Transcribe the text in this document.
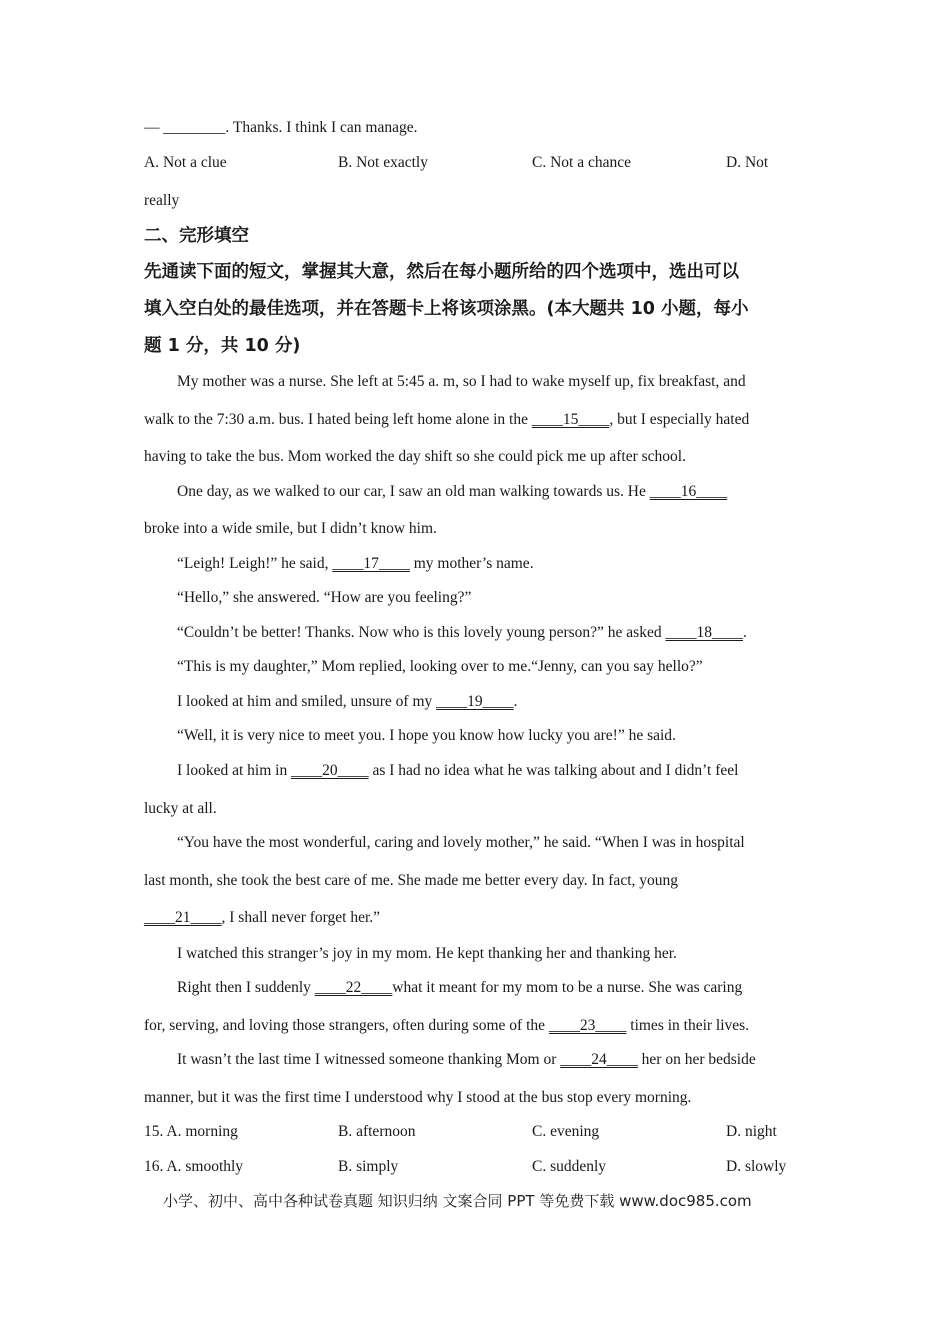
— ________. Thanks. I think I can manage.
A. Not a clue	B. Not exactly	C. Not a chance	D. Not
really
二、完形填空
先通读下面的短文，掌握其大意，然后在每小题所给的四个选项中，选出可以
填入空白处的最佳选项，并在答题卡上将该项涂黑。(本大题共 10 小题，每小
题 1 分，共 10 分)
My mother was a nurse. She left at 5:45 a. m, so I had to wake myself up, fix breakfast, and
walk to the 7:30 a.m. bus. I hated being left home alone in the ____15____, but I especially hated
having to take the bus. Mom worked the day shift so she could pick me up after school.
One day, as we walked to our car, I saw an old man walking towards us. He ____16____
broke into a wide smile, but I didn’t know him.
“Leigh! Leigh!” he said, ____17____ my mother’s name.
“Hello,” she answered. “How are you feeling?”
“Couldn’t be better! Thanks. Now who is this lovely young person?” he asked ____18____.
“This is my daughter,” Mom replied, looking over to me.“Jenny, can you say hello?”
I looked at him and smiled, unsure of my ____19____.
“Well, it is very nice to meet you. I hope you know how lucky you are!” he said.
I looked at him in ____20____ as I had no idea what he was talking about and I didn’t feel
lucky at all.
“You have the most wonderful, caring and lovely mother,” he said. “When I was in hospital
last month, she took the best care of me. She made me better every day. In fact, young
____21____, I shall never forget her.”
I watched this stranger’s joy in my mom. He kept thanking her and thanking her.
Right then I suddenly ____22____what it meant for my mom to be a nurse. She was caring
for, serving, and loving those strangers, often during some of the ____23____ times in their lives.
It wasn’t the last time I witnessed someone thanking Mom or ____24____ her on her bedside
manner, but it was the first time I understood why I stood at the bus stop every morning.
15. A. morning	B. afternoon	C. evening	D. night
16. A. smoothly	B. simply	C. suddenly	D. slowly
小学、初中、高中各种试卷真题 知识归纳 文案合同 PPT 等免费下载 www.doc985.com
